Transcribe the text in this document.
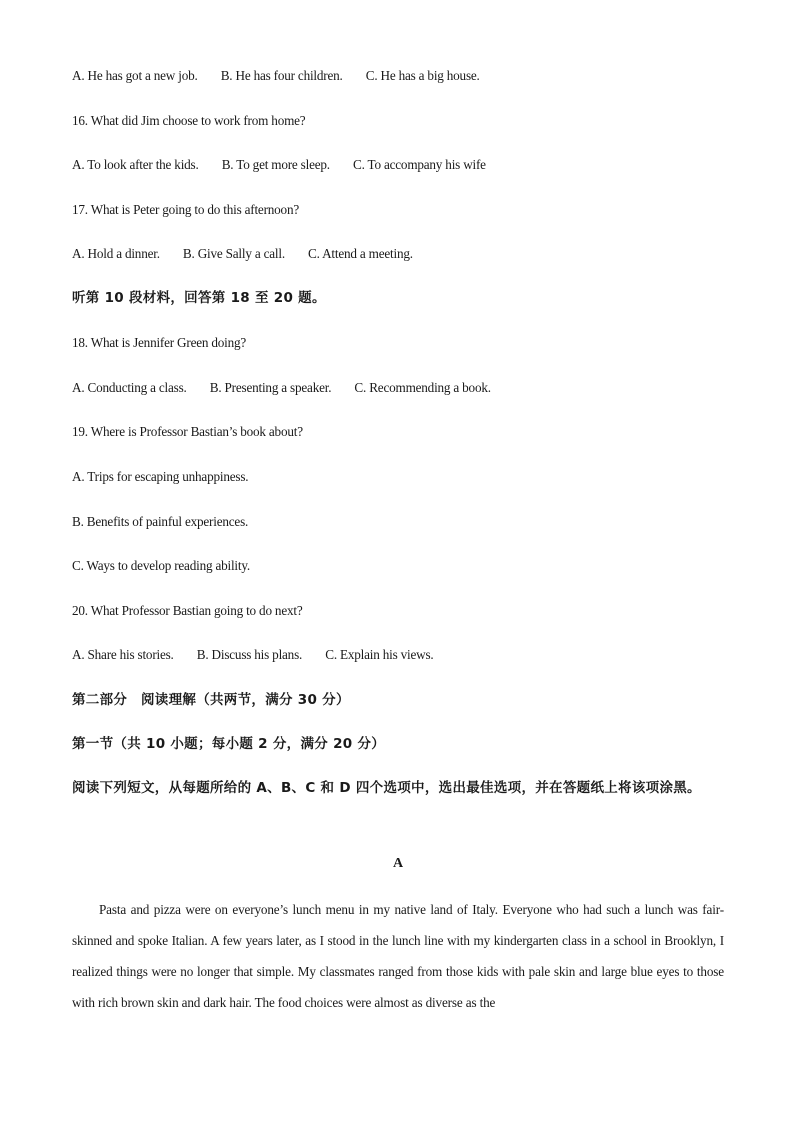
A. He has got a new job. B. He has four children. C. He has a big house.
16. What did Jim choose to work from home?
A. To look after the kids. B. To get more sleep. C. To accompany his wife
17. What is Peter going to do this afternoon?
A. Hold a dinner. B. Give Sally a call. C. Attend a meeting.
听第 10 段材料，回答第 18 至 20 题。
18. What is Jennifer Green doing?
A. Conducting a class. B. Presenting a speaker. C. Recommending a book.
19. Where is Professor Bastian’s book about?
A. Trips for escaping unhappiness.
B. Benefits of painful experiences.
C. Ways to develop reading ability.
20. What Professor Bastian going to do next?
A. Share his stories. B. Discuss his plans. C. Explain his views.
第二部分　阅读理解（共两节，满分 30 分）
第一节（共 10 小题；每小题 2 分，满分 20 分）
阅读下列短文，从每题所给的 A、B、C 和 D 四个选项中，选出最佳选项，并在答题纸上将该项涂黑。
A
Pasta and pizza were on everyone’s lunch menu in my native land of Italy. Everyone who had such a lunch was fair-skinned and spoke Italian. A few years later, as I stood in the lunch line with my kindergarten class in a school in Brooklyn, I realized things were no longer that simple. My classmates ranged from those kids with pale skin and large blue eyes to those with rich brown skin and dark hair. The food choices were almost as diverse as the
